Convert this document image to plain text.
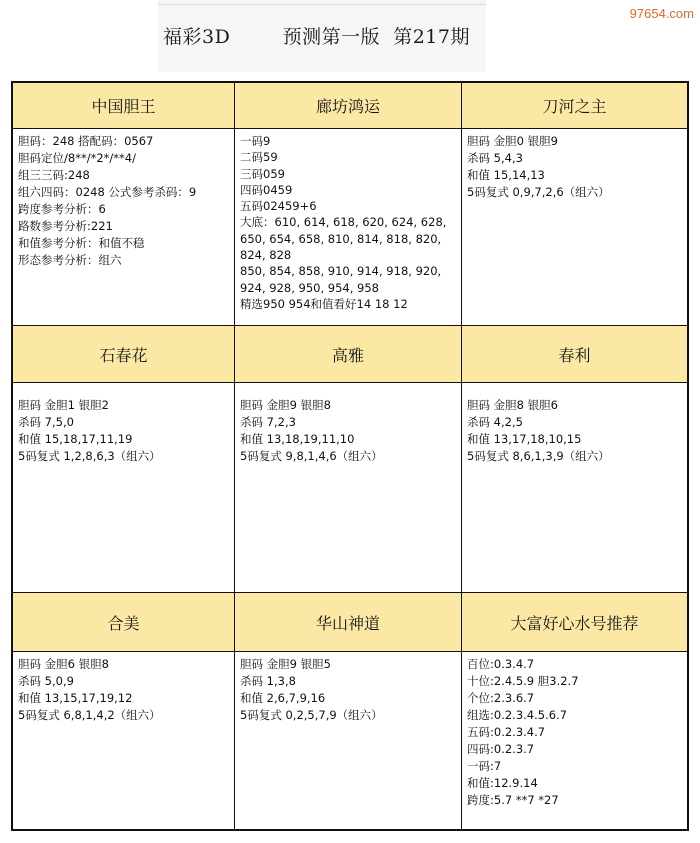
福彩3D        预测第一版  第217期
97654.com
中国胆王	廊坊鸿运	刀河之主
胆码：248 搭配码：0567
胆码定位/8**/*2*/**4/
组三三码:248
组六四码：0248 公式参考杀码：9
跨度参考分析：6
路数参考分析:221
和值参考分析：和值不稳
形态参考分析：组六
一码9
二码59
三码059
四码0459
五码02459+6
大底：610, 614, 618, 620, 624, 628,
650, 654, 658, 810, 814, 818, 820,
824, 828
850, 854, 858, 910, 914, 918, 920,
924, 928, 950, 954, 958
精选950 954和值看好14 18 12
胆码 金胆0 银胆9
杀码 5,4,3
和值 15,14,13
5码复式 0,9,7,2,6（组六）
石春花	高雅	春利
胆码 金胆1 银胆2
杀码 7,5,0
和值 15,18,17,11,19
5码复式 1,2,8,6,3（组六）
胆码 金胆9 银胆8
杀码 7,2,3
和值 13,18,19,11,10
5码复式 9,8,1,4,6（组六）
胆码 金胆8 银胆6
杀码 4,2,5
和值 13,17,18,10,15
5码复式 8,6,1,3,9（组六）
合美	华山神道	大富好心水号推荐
胆码 金胆6 银胆8
杀码 5,0,9
和值 13,15,17,19,12
5码复式 6,8,1,4,2（组六）
胆码 金胆9 银胆5
杀码 1,3,8
和值 2,6,7,9,16
5码复式 0,2,5,7,9（组六）
百位:0.3.4.7
十位:2.4.5.9 胆3.2.7
个位:2.3.6.7
组选:0.2.3.4.5.6.7
五码:0.2.3.4.7
四码:0.2.3.7
一码:7
和值:12.9.14
跨度:5.7 **7 *27
